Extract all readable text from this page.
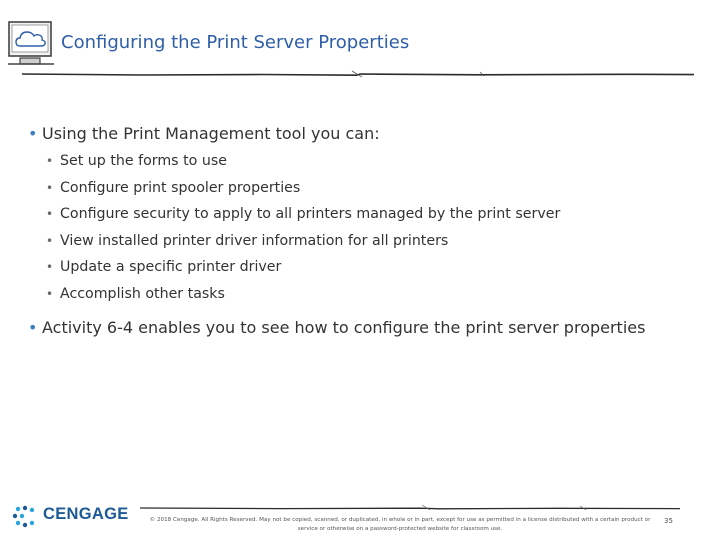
Configuring the Print Server Properties
• Using the Print Management tool you can:
• Set up the forms to use
• Configure print spooler properties
• Configure security to apply to all printers managed by the print server
• View installed printer driver information for all printers
• Update a specific printer driver
• Accomplish other tasks
• Activity 6-4 enables you to see how to configure the print server properties
CENGAGE	© 2018 Cengage. All Rights Reserved. May not be copied, scanned, or duplicated, in whole or in part, except for use as permitted in a license distributed with a certain product or service or otherwise on a password-protected website for classroom use.
35
